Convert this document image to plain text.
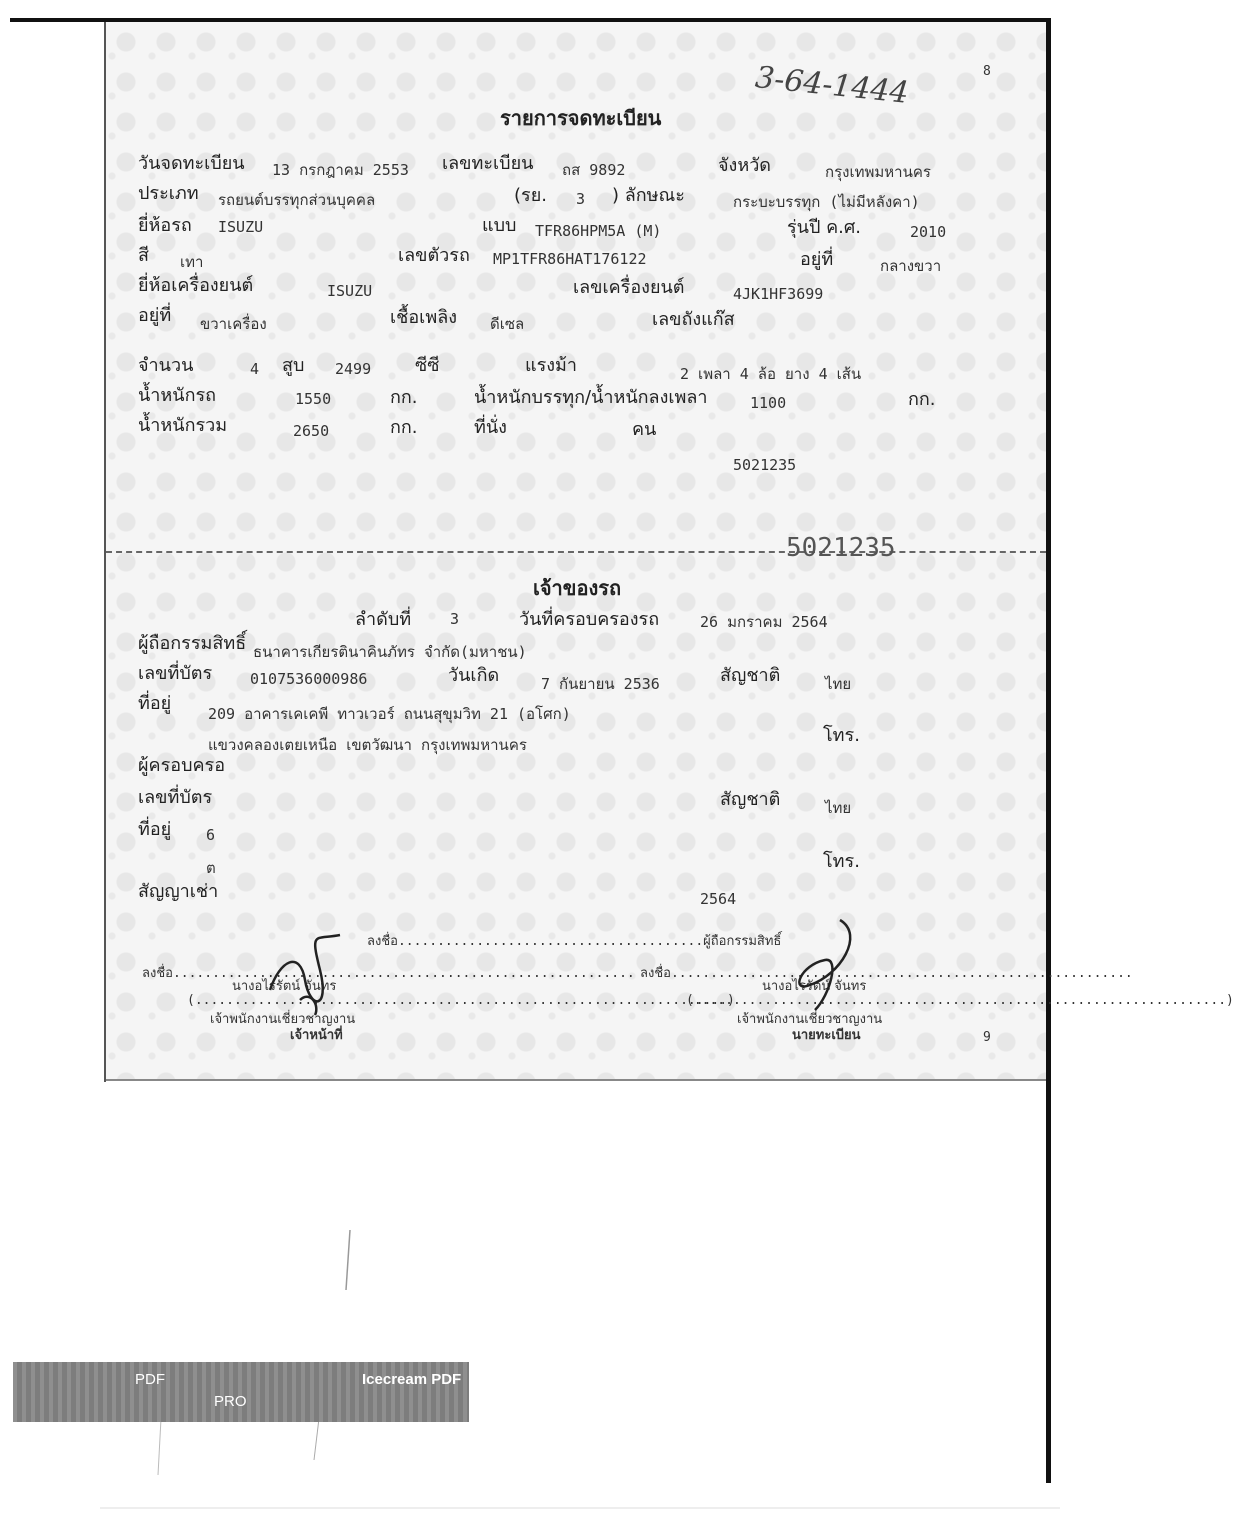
8
9
3-64-1444
รายการจดทะเบียน
วันจดทะเบียน 13 กรกฎาคม 2553 เลขทะเบียน ถส 9892	จังหวัด	กรุงเทพมหานคร
ประเภท รถยนต์บรรทุกส่วนบุคคล	(รย. 3 ) ลักษณะ	กระบะบรรทุก (ไม่มีหลังคา)
ยี่ห้อรถ ISUZU	แบบ TFR86HPM5A (M)	รุ่นปี ค.ศ.	2010
สี เทา	เลขตัวรถ MP1TFR86HAT176122	อยู่ที่	กลางขวา
ยี่ห้อเครื่องยนต์	ISUZU	เลขเครื่องยนต์	4JK1HF3699
อยู่ที่ ขวาเครื่อง	เชื้อเพลิง ดีเซล	เลขถังแก๊ส
จำนวน	4 สูบ 2499 ซีซี	แรงม้า	2 เพลา 4 ล้อ ยาง 4 เส้น
น้ำหนักรถ	1550	กก.	น้ำหนักบรรทุก/น้ำหนักลงเพลา	1100	กก.
น้ำหนักรวม	2650	กก.	ที่นั่ง	คน
5021235
5021235
เจ้าของรถ
ลำดับที่	3	วันที่ครอบครองรถ	26 มกราคม 2564
ผู้ถือกรรมสิทธิ์ ธนาคารเกียรตินาคินภัทร จำกัด(มหาชน)
เลขที่บัตร	0107536000986	วันเกิด	7 กันยายน 2536	สัญชาติ	ไทย
ที่อยู่ 209 อาคารเคเคพี ทาวเวอร์ ถนนสุขุมวิท 21 (อโศก)
โทร.
แขวงคลองเตยเหนือ เขตวัฒนา กรุงเทพมหานคร
ผู้ครอบครอ
เลขที่บัตร	สัญชาติ	ไทย
ที่อยู่ 6
ต	โทร.
สัญญาเช่า	2564
ลงชื่อ.......................................ผู้ถือกรรมสิทธิ์
ลงชื่อ........................................................... ลงชื่อ...........................................................
นางอไรรัตน์ จันทร
(....................................................................)
เจ้าพนักงานเชี่ยวชาญงาน
เจ้าหน้าที่
นางอไรรัตน์ จันทร
(....................................................................)
เจ้าพนักงานเชี่ยวชาญงาน
นายทะเบียน
PDF	Icecream PDF
PRO
